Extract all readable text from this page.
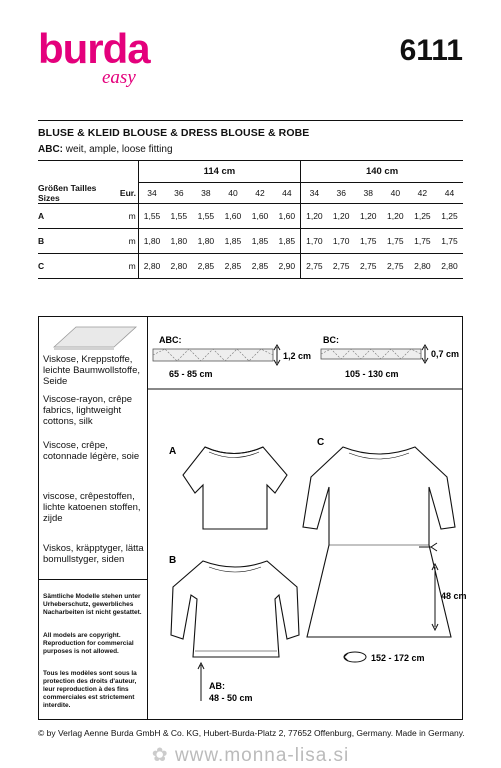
burda
easy
6111
BLUSE & KLEID BLOUSE & DRESS BLOUSE & ROBE
ABC: weit, ample, loose fitting
		114 cm						140 cm					
Größen Tailles Sizes	Eur.	34	36	38	40	42	44	34	36	38	40	42	44
A	m	1,55	1,55	1,55	1,60	1,60	1,60	1,20	1,20	1,20	1,20	1,25	1,25
B	m	1,80	1,80	1,80	1,85	1,85	1,85	1,70	1,70	1,75	1,75	1,75	1,75
C	m	2,80	2,80	2,85	2,85	2,85	2,90	2,75	2,75	2,75	2,75	2,80	2,80
Viskose, Kreppstoffe, leichte Baumwollstoffe, Seide
Viscose-rayon, crêpe fabrics, lightweight cottons, silk
Viscose, crêpe, cotonnade légère, soie
viscose, crêpestoffen, lichte katoenen stoffen, zijde
Viskos, kräpptyger, lätta bomullstyger, siden
Sämtliche Modelle stehen unter Urheberschutz, gewerbliches Nacharbeiten ist nicht gestattet.
All models are copyright. Reproduction for commercial purposes is not allowed.
Tous les modèles sont sous la protection des droits d'auteur, leur reproduction à des fins commerciales est strictement interdite.
ABC:
1,2 cm
65 - 85 cm
BC:
0,7 cm
105 - 130 cm
A
B
AB:
48 - 50 cm
C
48 cm
152 - 172 cm
© by Verlag Aenne Burda GmbH & Co. KG, Hubert-Burda-Platz 2, 77652 Offenburg, Germany. Made in Germany.
✿ www.monna-lisa.si
